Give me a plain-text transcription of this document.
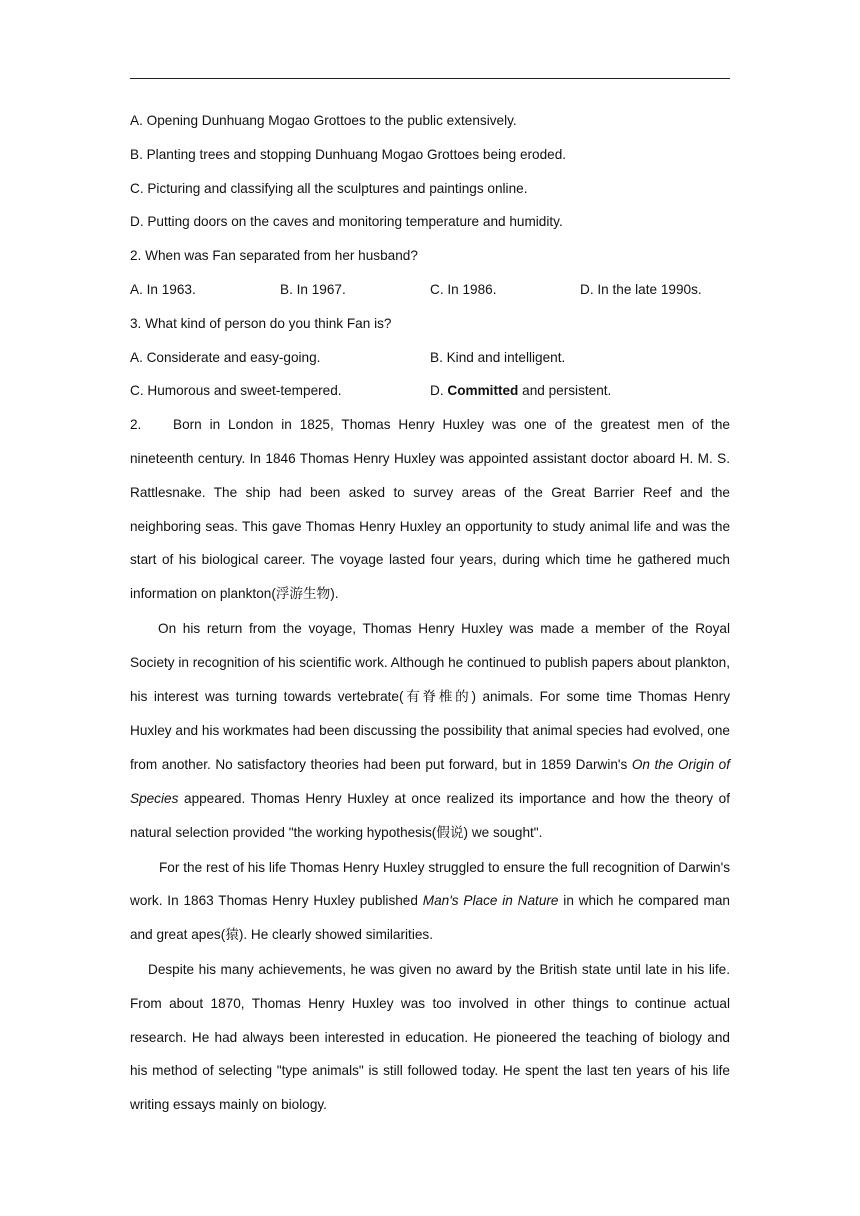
A. Opening Dunhuang Mogao Grottoes to the public extensively.
B. Planting trees and stopping Dunhuang Mogao Grottoes being eroded.
C. Picturing and classifying all the sculptures and paintings online.
D. Putting doors on the caves and monitoring temperature and humidity.
2. When was Fan separated from her husband?
A. In 1963.	B. In 1967.	C. In 1986.	D. In the late 1990s.
3. What kind of person do you think Fan is?
A. Considerate and easy-going.	B. Kind and intelligent.
C. Humorous and sweet-tempered.	D. Committed and persistent.

2. Born in London in 1825, Thomas Henry Huxley was one of the greatest men of the nineteenth century. In 1846 Thomas Henry Huxley was appointed assistant doctor aboard H. M. S. Rattlesnake. The ship had been asked to survey areas of the Great Barrier Reef and the neighboring seas. This gave Thomas Henry Huxley an opportunity to study animal life and was the start of his biological career. The voyage lasted four years, during which time he gathered much information on plankton(浮游生物).

On his return from the voyage, Thomas Henry Huxley was made a member of the Royal Society in recognition of his scientific work. Although he continued to publish papers about plankton, his interest was turning towards vertebrate(有脊椎的) animals. For some time Thomas Henry Huxley and his workmates had been discussing the possibility that animal species had evolved, one from another. No satisfactory theories had been put forward, but in 1859 Darwin's On the Origin of Species appeared. Thomas Henry Huxley at once realized its importance and how the theory of natural selection provided "the working hypothesis(假说) we sought".

For the rest of his life Thomas Henry Huxley struggled to ensure the full recognition of Darwin's work. In 1863 Thomas Henry Huxley published Man's Place in Nature in which he compared man and great apes(猿). He clearly showed similarities.

Despite his many achievements, he was given no award by the British state until late in his life. From about 1870, Thomas Henry Huxley was too involved in other things to continue actual research. He had always been interested in education. He pioneered the teaching of biology and his method of selecting "type animals" is still followed today. He spent the last ten years of his life writing essays mainly on biology.
